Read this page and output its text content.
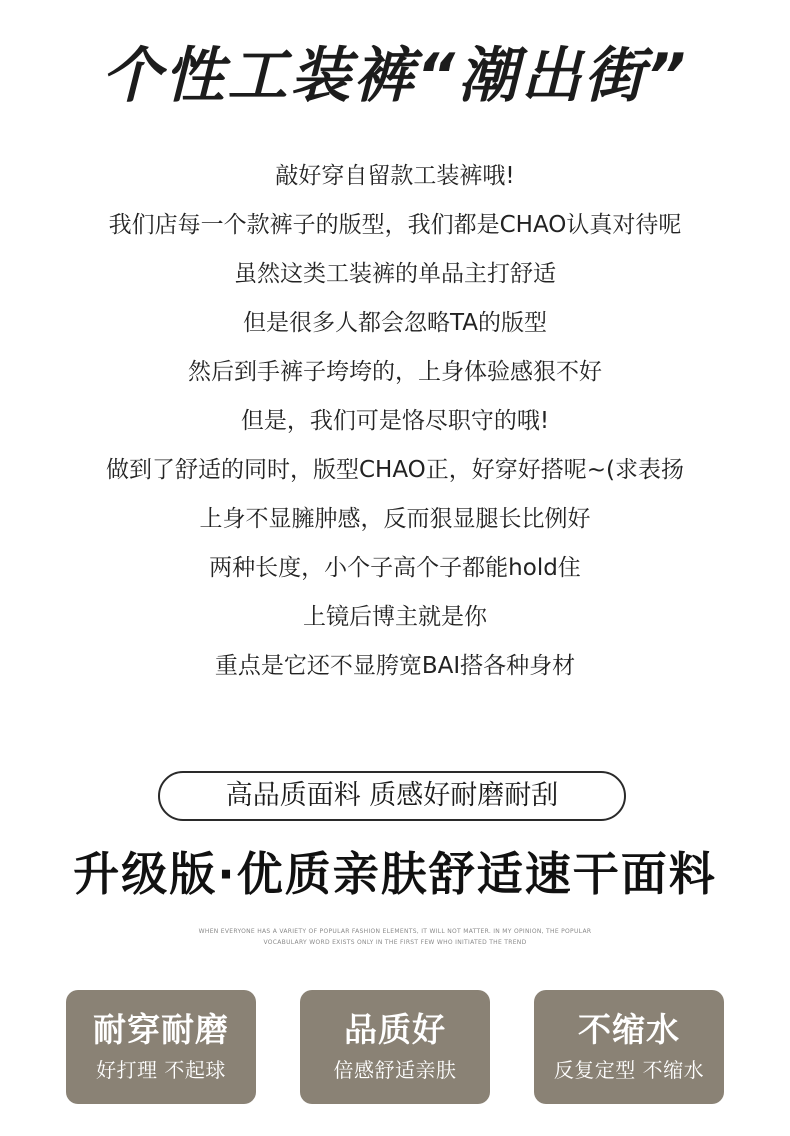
个性工装裤“潮出街”
敲好穿自留款工装裤哦!
我们店每一个款裤子的版型，我们都是CHAO认真对待呢
虽然这类工装裤的单品主打舒适
但是很多人都会忽略TA的版型
然后到手裤子垮垮的，上身体验感狠不好
但是，我们可是恪尽职守的哦!
做到了舒适的同时，版型CHAO正，好穿好搭呢~(求表扬
上身不显臃肿感，反而狠显腿长比例好
两种长度，小个子高个子都能hold住
上镜后博主就是你
重点是它还不显胯宽BAI搭各种身材
高品质面料 质感好耐磨耐刮
升级版·优质亲肤舒适速干面料
WHEN EVERYONE HAS A VARIETY OF POPULAR FASHION ELEMENTS, IT WILL NOT MATTER. IN MY OPINION, THE POPULAR
VOCABULARY WORD EXISTS ONLY IN THE FIRST FEW WHO INITIATED THE TREND
耐穿耐磨
好打理 不起球
品质好
倍感舒适亲肤
不缩水
反复定型 不缩水
